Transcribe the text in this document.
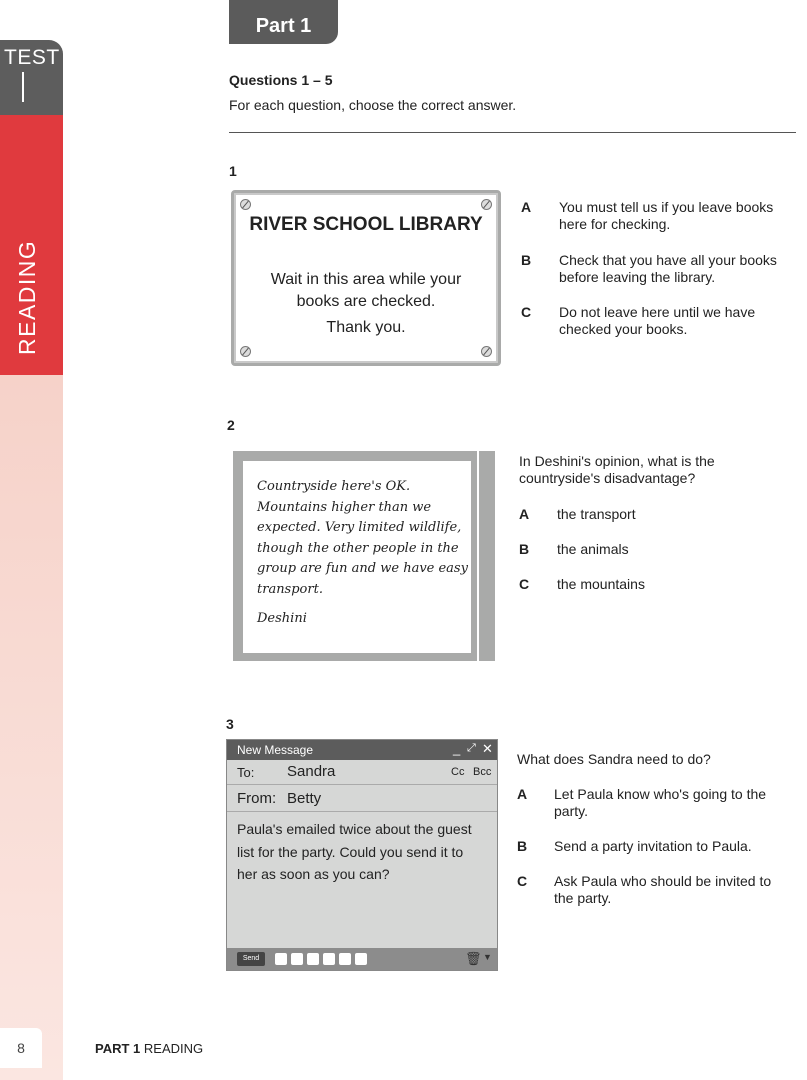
TEST
READING
8	PART 1 READING
Part 1
Questions 1 – 5
For each question, choose the correct answer.
1
RIVER SCHOOL LIBRARY
Wait in this area while your books are checked.
Thank you.
A You must tell us if you leave books here for checking.
B Check that you have all your books before leaving the library.
C Do not leave here until we have checked your books.
2
Countryside here's OK. Mountains higher than we expected. Very limited wildlife, though the other people in the group are fun and we have easy transport.
Deshini
In Deshini's opinion, what is the countryside's disadvantage?
A the transport
B the animals
C the mountains
3
New Message	_ ⤢ ✕
To: Sandra	Cc Bcc
From: Betty
Paula's emailed twice about the guest list for the party. Could you send it to her as soon as you can?
Send	🗑 ▼
What does Sandra need to do?
A Let Paula know who's going to the party.
B Send a party invitation to Paula.
C Ask Paula who should be invited to the party.
